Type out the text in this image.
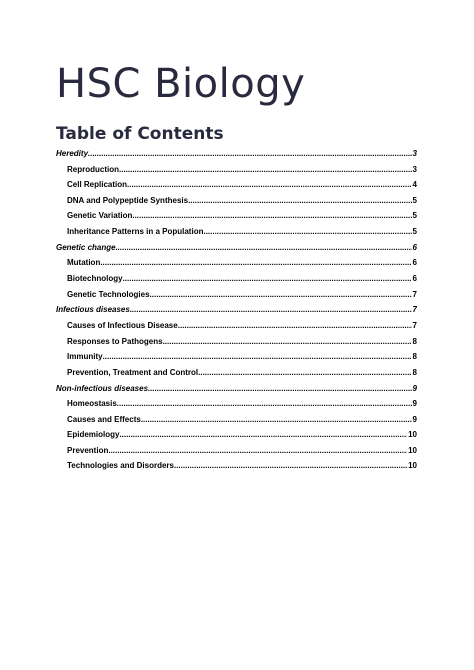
HSC Biology
Table of Contents
Heredity .....	3
Reproduction .....	3
Cell Replication .....	4
DNA and Polypeptide Synthesis .....	5
Genetic Variation .....	5
Inheritance Patterns in a Population .....	5
Genetic change .....	6
Mutation .....	6
Biotechnology .....	6
Genetic Technologies .....	7
Infectious diseases .....	7
Causes of Infectious Disease .....	7
Responses to Pathogens .....	8
Immunity .....	8
Prevention, Treatment and Control .....	8
Non-infectious diseases .....	9
Homeostasis .....	9
Causes and Effects .....	9
Epidemiology .....	10
Prevention .....	10
Technologies and Disorders .....	10
